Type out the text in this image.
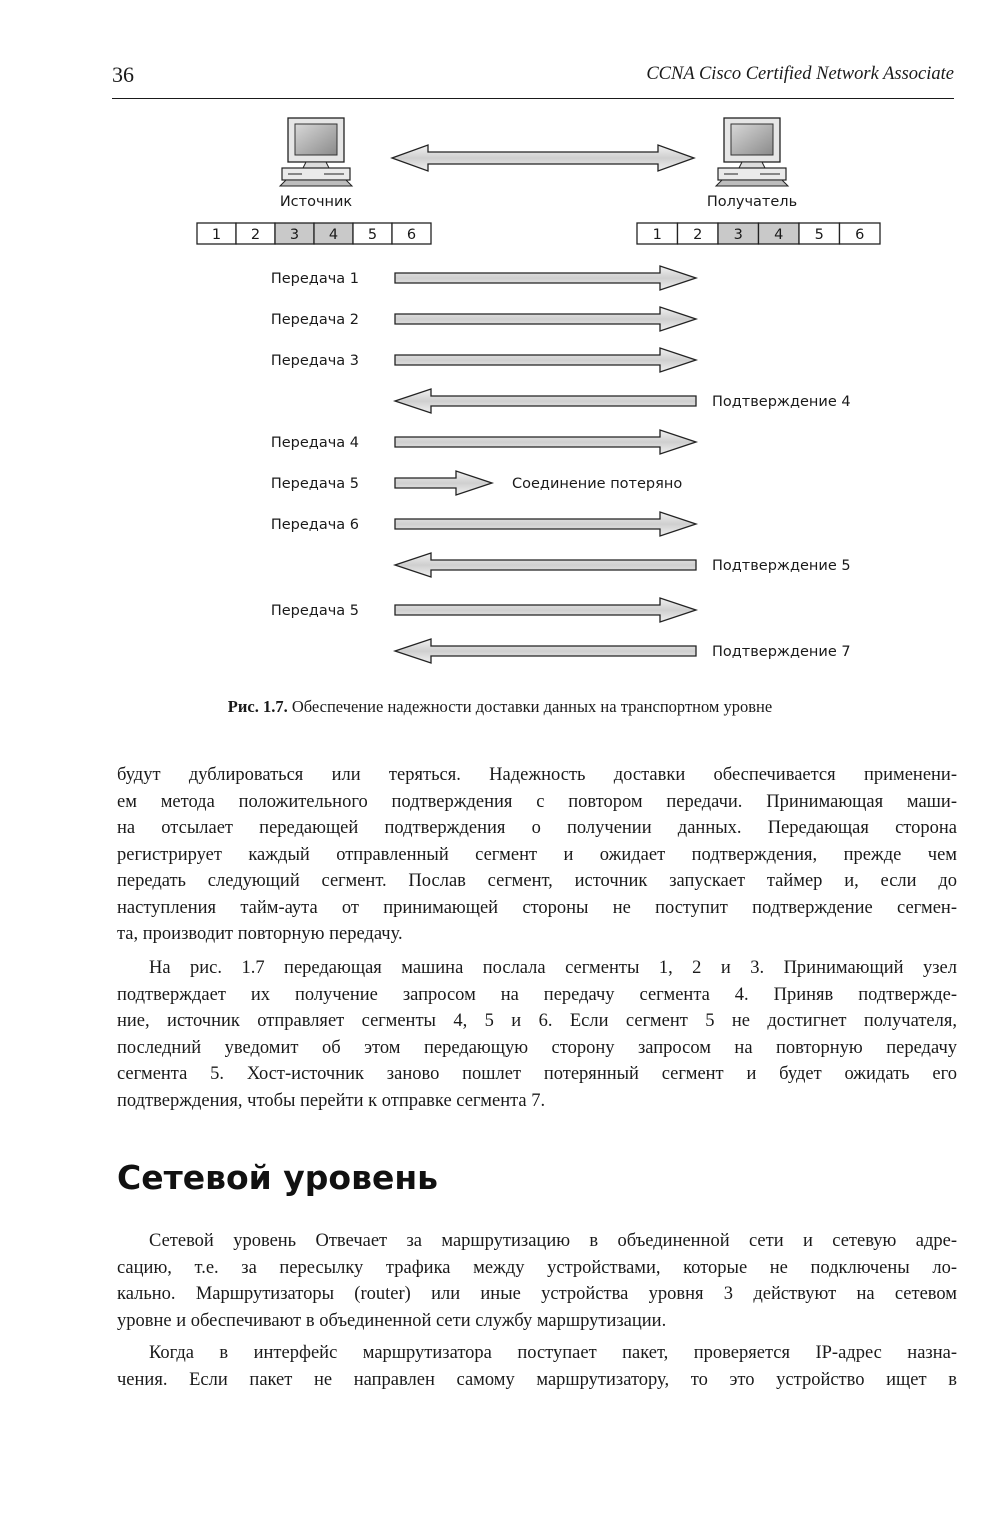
36	CCNA Cisco Certified Network Associate
Источник	Получатель
1 2 3 4 5 6	1 2 3 4 5 6
Передача 1
Передача 2
Передача 3
Подтверждение 4
Передача 4
Передача 5	Соединение потеряно
Передача 6
Подтверждение 5
Передача 5
Подтверждение 7
Рис. 1.7. Обеспечение надежности доставки данных на транспортном уровне
будут дублироваться или теряться. Надежность доставки обеспечивается применени-
ем метода положительного подтверждения с повтором передачи. Принимающая маши-
на отсылает передающей подтверждения о получении данных. Передающая сторона
регистрирует каждый отправленный сегмент и ожидает подтверждения, прежде чем
передать следующий сегмент. Послав сегмент, источник запускает таймер и, если до
наступления тайм-аута от принимающей стороны не поступит подтверждение сегмен-
та, производит повторную передачу.
На рис. 1.7 передающая машина послала сегменты 1, 2 и 3. Принимающий узел
подтверждает их получение запросом на передачу сегмента 4. Приняв подтвержде-
ние, источник отправляет сегменты 4, 5 и 6. Если сегмент 5 не достигнет получателя,
последний уведомит об этом передающую сторону запросом на повторную передачу
сегмента 5. Хост-источник заново пошлет потерянный сегмент и будет ожидать его
подтверждения, чтобы перейти к отправке сегмента 7.
Сетевой уровень
Сетевой уровень Отвечает за маршрутизацию в объединенной сети и сетевую адре-
сацию, т.е. за пересылку трафика между устройствами, которые не подключены ло-
кально. Маршрутизаторы (router) или иные устройства уровня 3 действуют на сетевом
уровне и обеспечивают в объединенной сети службу маршрутизации.
Когда в интерфейс маршрутизатора поступает пакет, проверяется IP-адрес назна-
чения. Если пакет не направлен самому маршрутизатору, то это устройство ищет в
